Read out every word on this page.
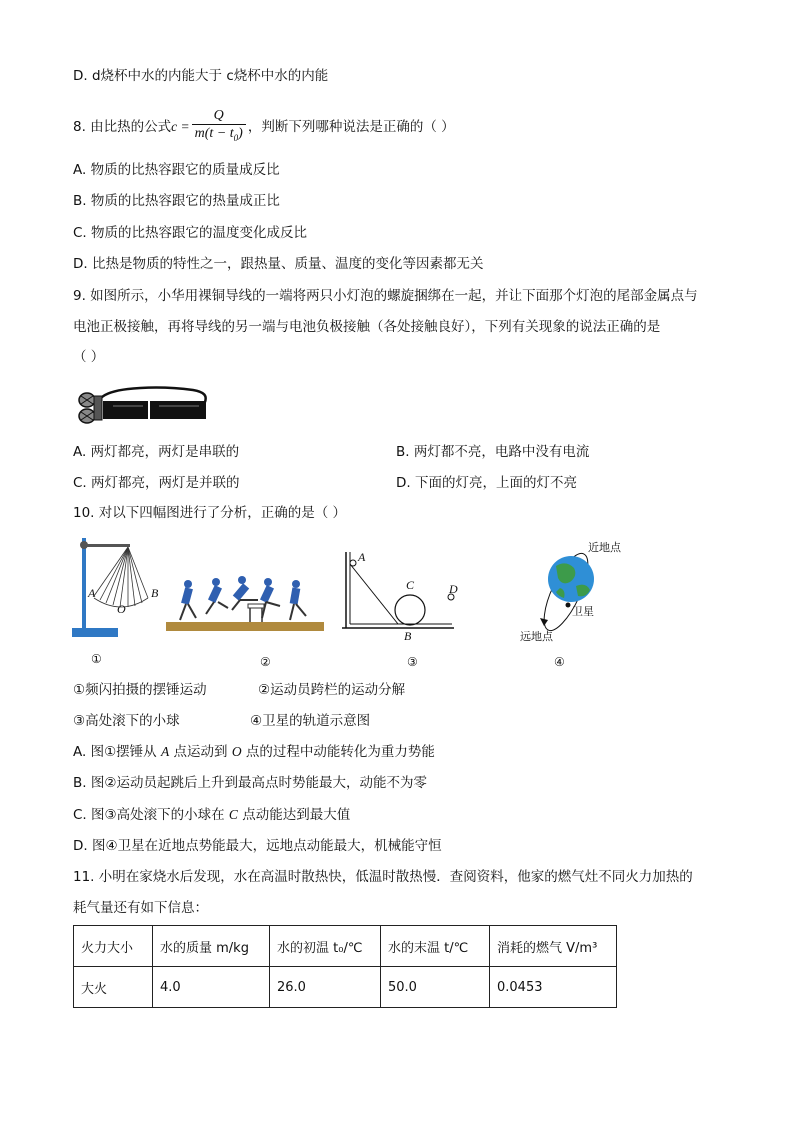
D. d烧杯中水的内能大于 c烧杯中水的内能
8. 由比热的公式$c = \frac{Q}{m(t - t_0)}$ ，判断下列哪种说法是正确的（ ）
A. 物质的比热容跟它的质量成反比
B. 物质的比热容跟它的热量成正比
C. 物质的比热容跟它的温度变化成反比
D. 比热是物质的特性之一，跟热量、质量、温度的变化等因素都无关
9. 如图所示，小华用裸铜导线的一端将两只小灯泡的螺旋捆绑在一起，并让下面那个灯泡的尾部金属点与
电池正极接触，再将导线的另一端与电池负极接触（各处接触良好），下列有关现象的说法正确的是
（ ）
A. 两灯都亮，两灯是串联的	B. 两灯都不亮，电路中没有电流
C. 两灯都亮，两灯是并联的	D. 下面的灯亮，上面的灯不亮
10. 对以下四幅图进行了分析，正确的是（ ）
A
O
B
A
C	D
B
近地点
卫星
远地点
①	②	③	④
①频闪拍摄的摆锤运动	②运动员跨栏的运动分解
③高处滚下的小球	④卫星的轨道示意图
A. 图①摆锤从 A 点运动到 O 点的过程中动能转化为重力势能
B. 图②运动员起跳后上升到最高点时势能最大，动能不为零
C. 图③高处滚下的小球在 C 点动能达到最大值
D. 图④卫星在近地点势能最大，远地点动能最大，机械能守恒
11. 小明在家烧水后发现，水在高温时散热快，低温时散热慢．查阅资料，他家的燃气灶不同火力加热的
耗气量还有如下信息：
火力大小	水的质量 m/kg	水的初温 t₀/℃	水的末温 t/℃	消耗的燃气 V/m³
大火	4.0	26.0	50.0	0.0453
